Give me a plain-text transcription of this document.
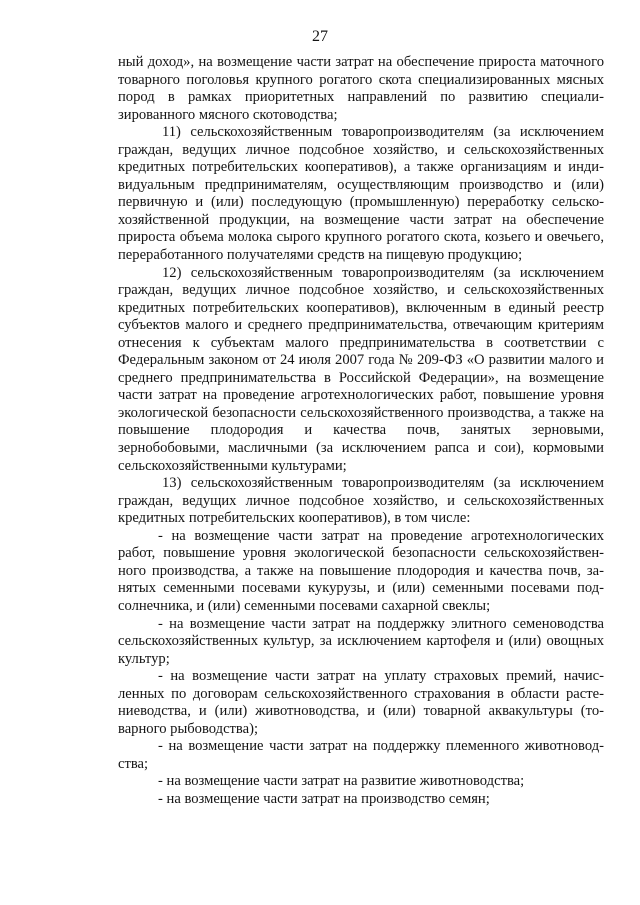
27

ный доход», на возмещение части затрат на обеспечение прироста маточного товарного поголовья крупного рогатого скота специализированных мясных пород в рамках приоритетных направлений по развитию специализированного мясного скотоводства;

11) сельскохозяйственным товаропроизводителям (за исключением граждан, ведущих личное подсобное хозяйство, и сельскохозяйственных кредитных потребительских кооперативов), а также организациям и индивидуальным предпринимателям, осуществляющим производство и (или) первичную и (или) последующую (промышленную) переработку сельскохозяйственной продукции, на возмещение части затрат на обеспечение прироста объема молока сырого крупного рогатого скота, козьего и овечьего, переработанного получателями средств на пищевую продукцию;

12) сельскохозяйственным товаропроизводителям (за исключением граждан, ведущих личное подсобное хозяйство, и сельскохозяйственных кредитных потребительских кооперативов), включенным в единый реестр субъектов малого и среднего предпринимательства, отвечающим критериям отнесения к субъектам малого предпринимательства в соответствии с Федеральным законом от 24 июля 2007 года № 209-ФЗ «О развитии малого и среднего предпринимательства в Российской Федерации», на возмещение части затрат на проведение агротехнологических работ, повышение уровня экологической безопасности сельскохозяйственного производства, а также на повышение плодородия и качества почв, занятых зерновыми, зернобобовыми, масличными (за исключением рапса и сои), кормовыми сельскохозяйственными культурами;

13) сельскохозяйственным товаропроизводителям (за исключением граждан, ведущих личное подсобное хозяйство, и сельскохозяйственных кредитных потребительских кооперативов), в том числе:

- на возмещение части затрат на проведение агротехнологических работ, повышение уровня экологической безопасности сельскохозяйственного производства, а также на повышение плодородия и качества почв, занятых семенными посевами кукурузы, и (или) семенными посевами подсолнечника, и (или) семенными посевами сахарной свеклы;

- на возмещение части затрат на поддержку элитного семеноводства сельскохозяйственных культур, за исключением картофеля и (или) овощных культур;

- на возмещение части затрат на уплату страховых премий, начисленных по договорам сельскохозяйственного страхования в области растениеводства, и (или) животноводства, и (или) товарной аквакультуры (товарного рыбоводства);

- на возмещение части затрат на поддержку племенного животноводства;

- на возмещение части затрат на развитие животноводства;

- на возмещение части затрат на производство семян;
